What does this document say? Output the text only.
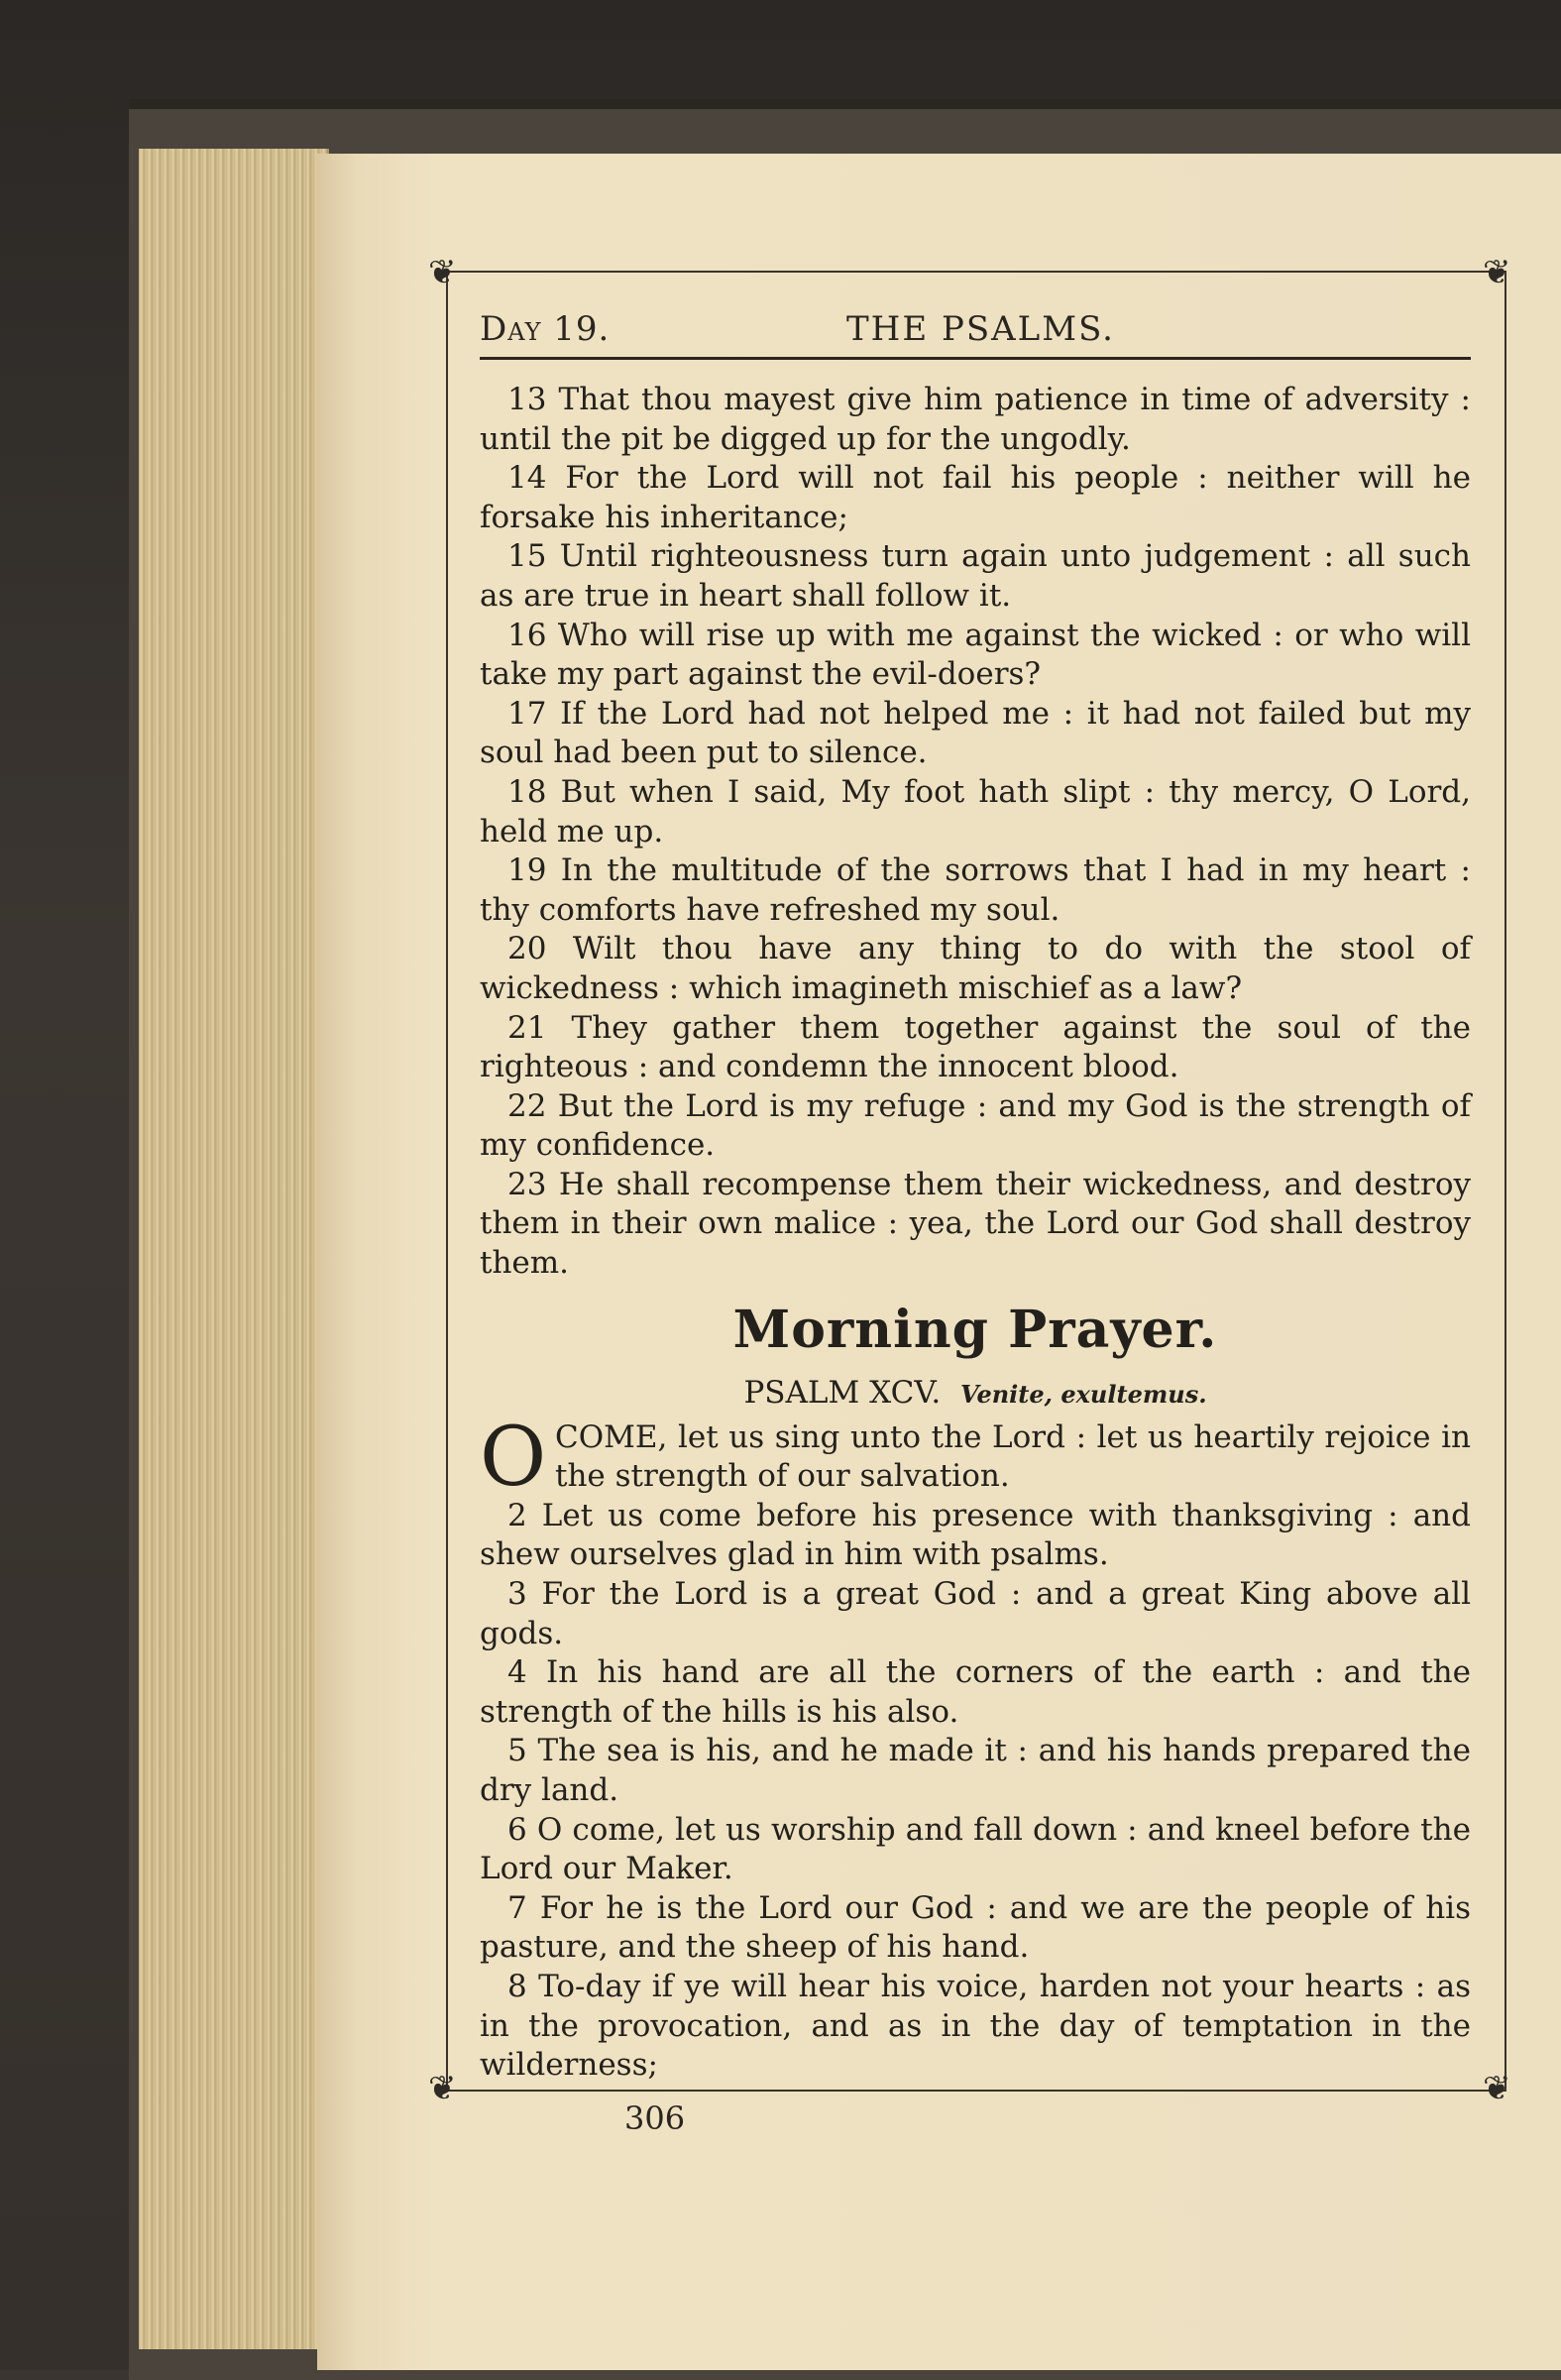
❦	❦
❦	❦
Day 19.	THE PSALMS.

13 That thou mayest give him patience in time of adversity : until the pit be digged up for the ungodly.

14 For the Lord will not fail his people : neither will he forsake his inheritance;

15 Until righteousness turn again unto judgement : all such as are true in heart shall follow it.

16 Who will rise up with me against the wicked : or who will take my part against the evil-doers?

17 If the Lord had not helped me : it had not failed but my soul had been put to silence.

18 But when I said, My foot hath slipt : thy mercy, O Lord, held me up.

19 In the multitude of the sorrows that I had in my heart : thy comforts have refreshed my soul.

20 Wilt thou have any thing to do with the stool of wickedness : which imagineth mischief as a law?

21 They gather them together against the soul of the righteous : and condemn the innocent blood.

22 But the Lord is my refuge : and my God is the strength of my confidence.

23 He shall recompense them their wickedness, and destroy them in their own malice : yea, the Lord our God shall destroy them.

Morning Prayer.
PSALM XCV. Venite, exultemus.

O COME, let us sing unto the Lord : let us heartily rejoice in the strength of our salvation.

2 Let us come before his presence with thanksgiving : and shew ourselves glad in him with psalms.

3 For the Lord is a great God : and a great King above all gods.

4 In his hand are all the corners of the earth : and the strength of the hills is his also.

5 The sea is his, and he made it : and his hands prepared the dry land.

6 O come, let us worship and fall down : and kneel before the Lord our Maker.

7 For he is the Lord our God : and we are the people of his pasture, and the sheep of his hand.

8 To-day if ye will hear his voice, harden not your hearts : as in the provocation, and as in the day of temptation in the wilderness;

306
